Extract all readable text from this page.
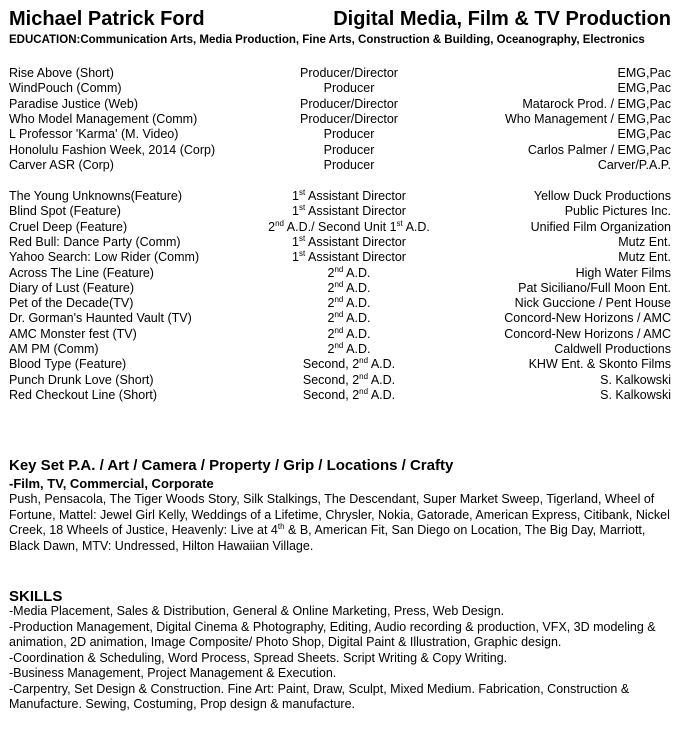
Michael Patrick Ford	Digital Media, Film & TV Production
EDUCATION:Communication Arts, Media Production, Fine Arts, Construction & Building, Oceanography, Electronics
Rise Above (Short)	Producer/Director	EMG,Pac
WindPouch (Comm)	Producer	EMG,Pac
Paradise Justice (Web)	Producer/Director	Matarock Prod. / EMG,Pac
Who Model Management (Comm)	Producer/Director	Who Management / EMG,Pac
L Professor 'Karma' (M. Video)	Producer	EMG,Pac
Honolulu Fashion Week, 2014 (Corp)	Producer	Carlos Palmer / EMG,Pac
Carver ASR (Corp)	Producer	Carver/P.A.P.
The Young Unknowns(Feature)	1st Assistant Director	Yellow Duck Productions
Blind Spot (Feature)	1st Assistant Director	Public Pictures Inc.
Cruel Deep (Feature)	2nd A.D./ Second Unit 1st A.D.	Unified Film Organization
Red Bull: Dance Party (Comm)	1st Assistant Director	Mutz Ent.
Yahoo Search: Low Rider (Comm)	1st Assistant Director	Mutz Ent.
Across The Line (Feature)	2nd A.D.	High Water Films
Diary of Lust (Feature)	2nd A.D.	Pat Siciliano/Full Moon Ent.
Pet of the Decade(TV)	2nd A.D.	Nick Guccione / Pent House
Dr. Gorman's Haunted Vault (TV)	2nd A.D.	Concord-New Horizons / AMC
AMC Monster fest (TV)	2nd A.D.	Concord-New Horizons / AMC
AM PM (Comm)	2nd A.D.	Caldwell Productions
Blood Type (Feature)	Second, 2nd A.D.	KHW Ent. & Skonto Films
Punch Drunk Love (Short)	Second, 2nd A.D.	S. Kalkowski
Red Checkout Line (Short)	Second, 2nd A.D.	S. Kalkowski
Key Set P.A. / Art / Camera / Property / Grip / Locations / Crafty
-Film, TV, Commercial, Corporate
Push, Pensacola, The Tiger Woods Story, Silk Stalkings, The Descendant, Super Market Sweep, Tigerland, Wheel of Fortune, Mattel: Jewel Girl Kelly, Weddings of a Lifetime, Chrysler, Nokia, Gatorade, American Express, Citibank, Nickel Creek, 18 Wheels of Justice, Heavenly: Live at 4th & B, American Fit, San Diego on Location, The Big Day, Marriott, Black Dawn, MTV: Undressed, Hilton Hawaiian Village.
SKILLS
-Media Placement, Sales & Distribution, General & Online Marketing, Press, Web Design.
-Production Management, Digital Cinema & Photography, Editing, Audio recording & production, VFX, 3D modeling & animation, 2D animation, Image Composite/ Photo Shop, Digital Paint & Illustration, Graphic design.
-Coordination & Scheduling, Word Process, Spread Sheets. Script Writing & Copy Writing.
-Business Management, Project Management & Execution.
-Carpentry, Set Design & Construction. Fine Art: Paint, Draw, Sculpt, Mixed Medium. Fabrication, Construction & Manufacture. Sewing, Costuming, Prop design & manufacture.
